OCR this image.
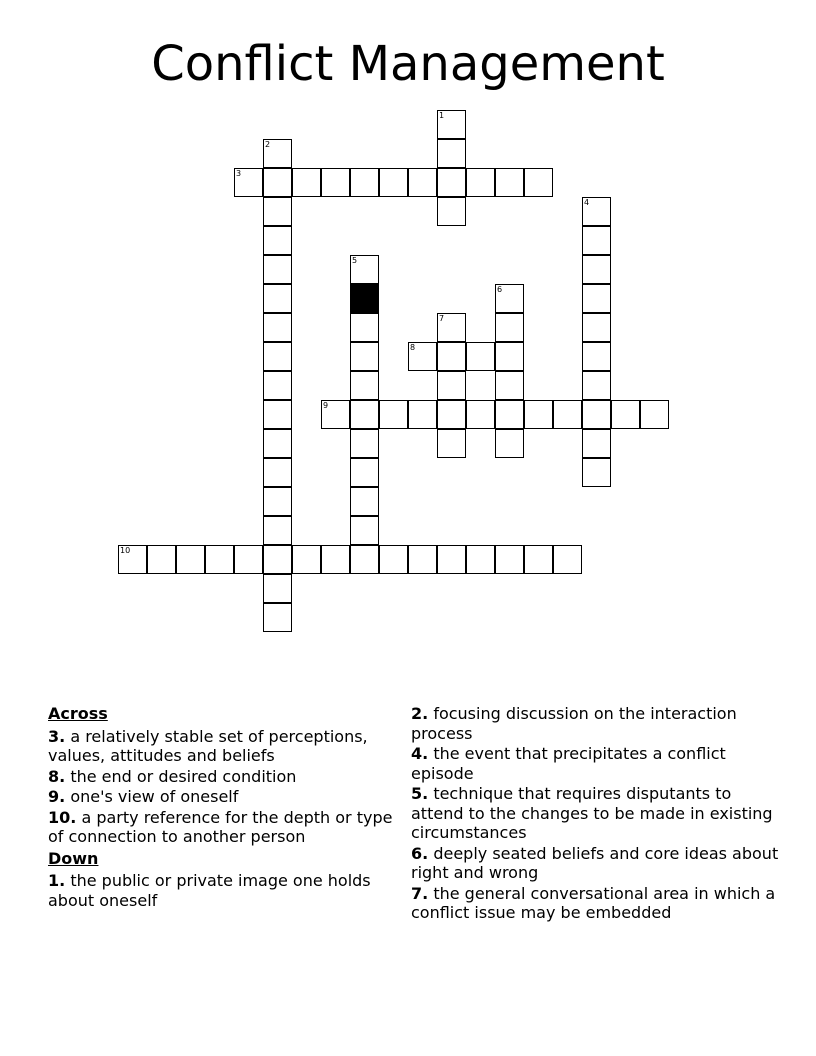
Conflict Management
1
2
3
4
5
6
7
8
9
10
Across
3. a relatively stable set of perceptions, values, attitudes and beliefs
8. the end or desired condition
9. one's view of oneself
10. a party reference for the depth or type of connection to another person
Down
1. the public or private image one holds about oneself
2. focusing discussion on the interaction process
4. the event that precipitates a conflict episode
5. technique that requires disputants to attend to the changes to be made in existing circumstances
6. deeply seated beliefs and core ideas about right and wrong
7. the general conversational area in which a conflict issue may be embedded
